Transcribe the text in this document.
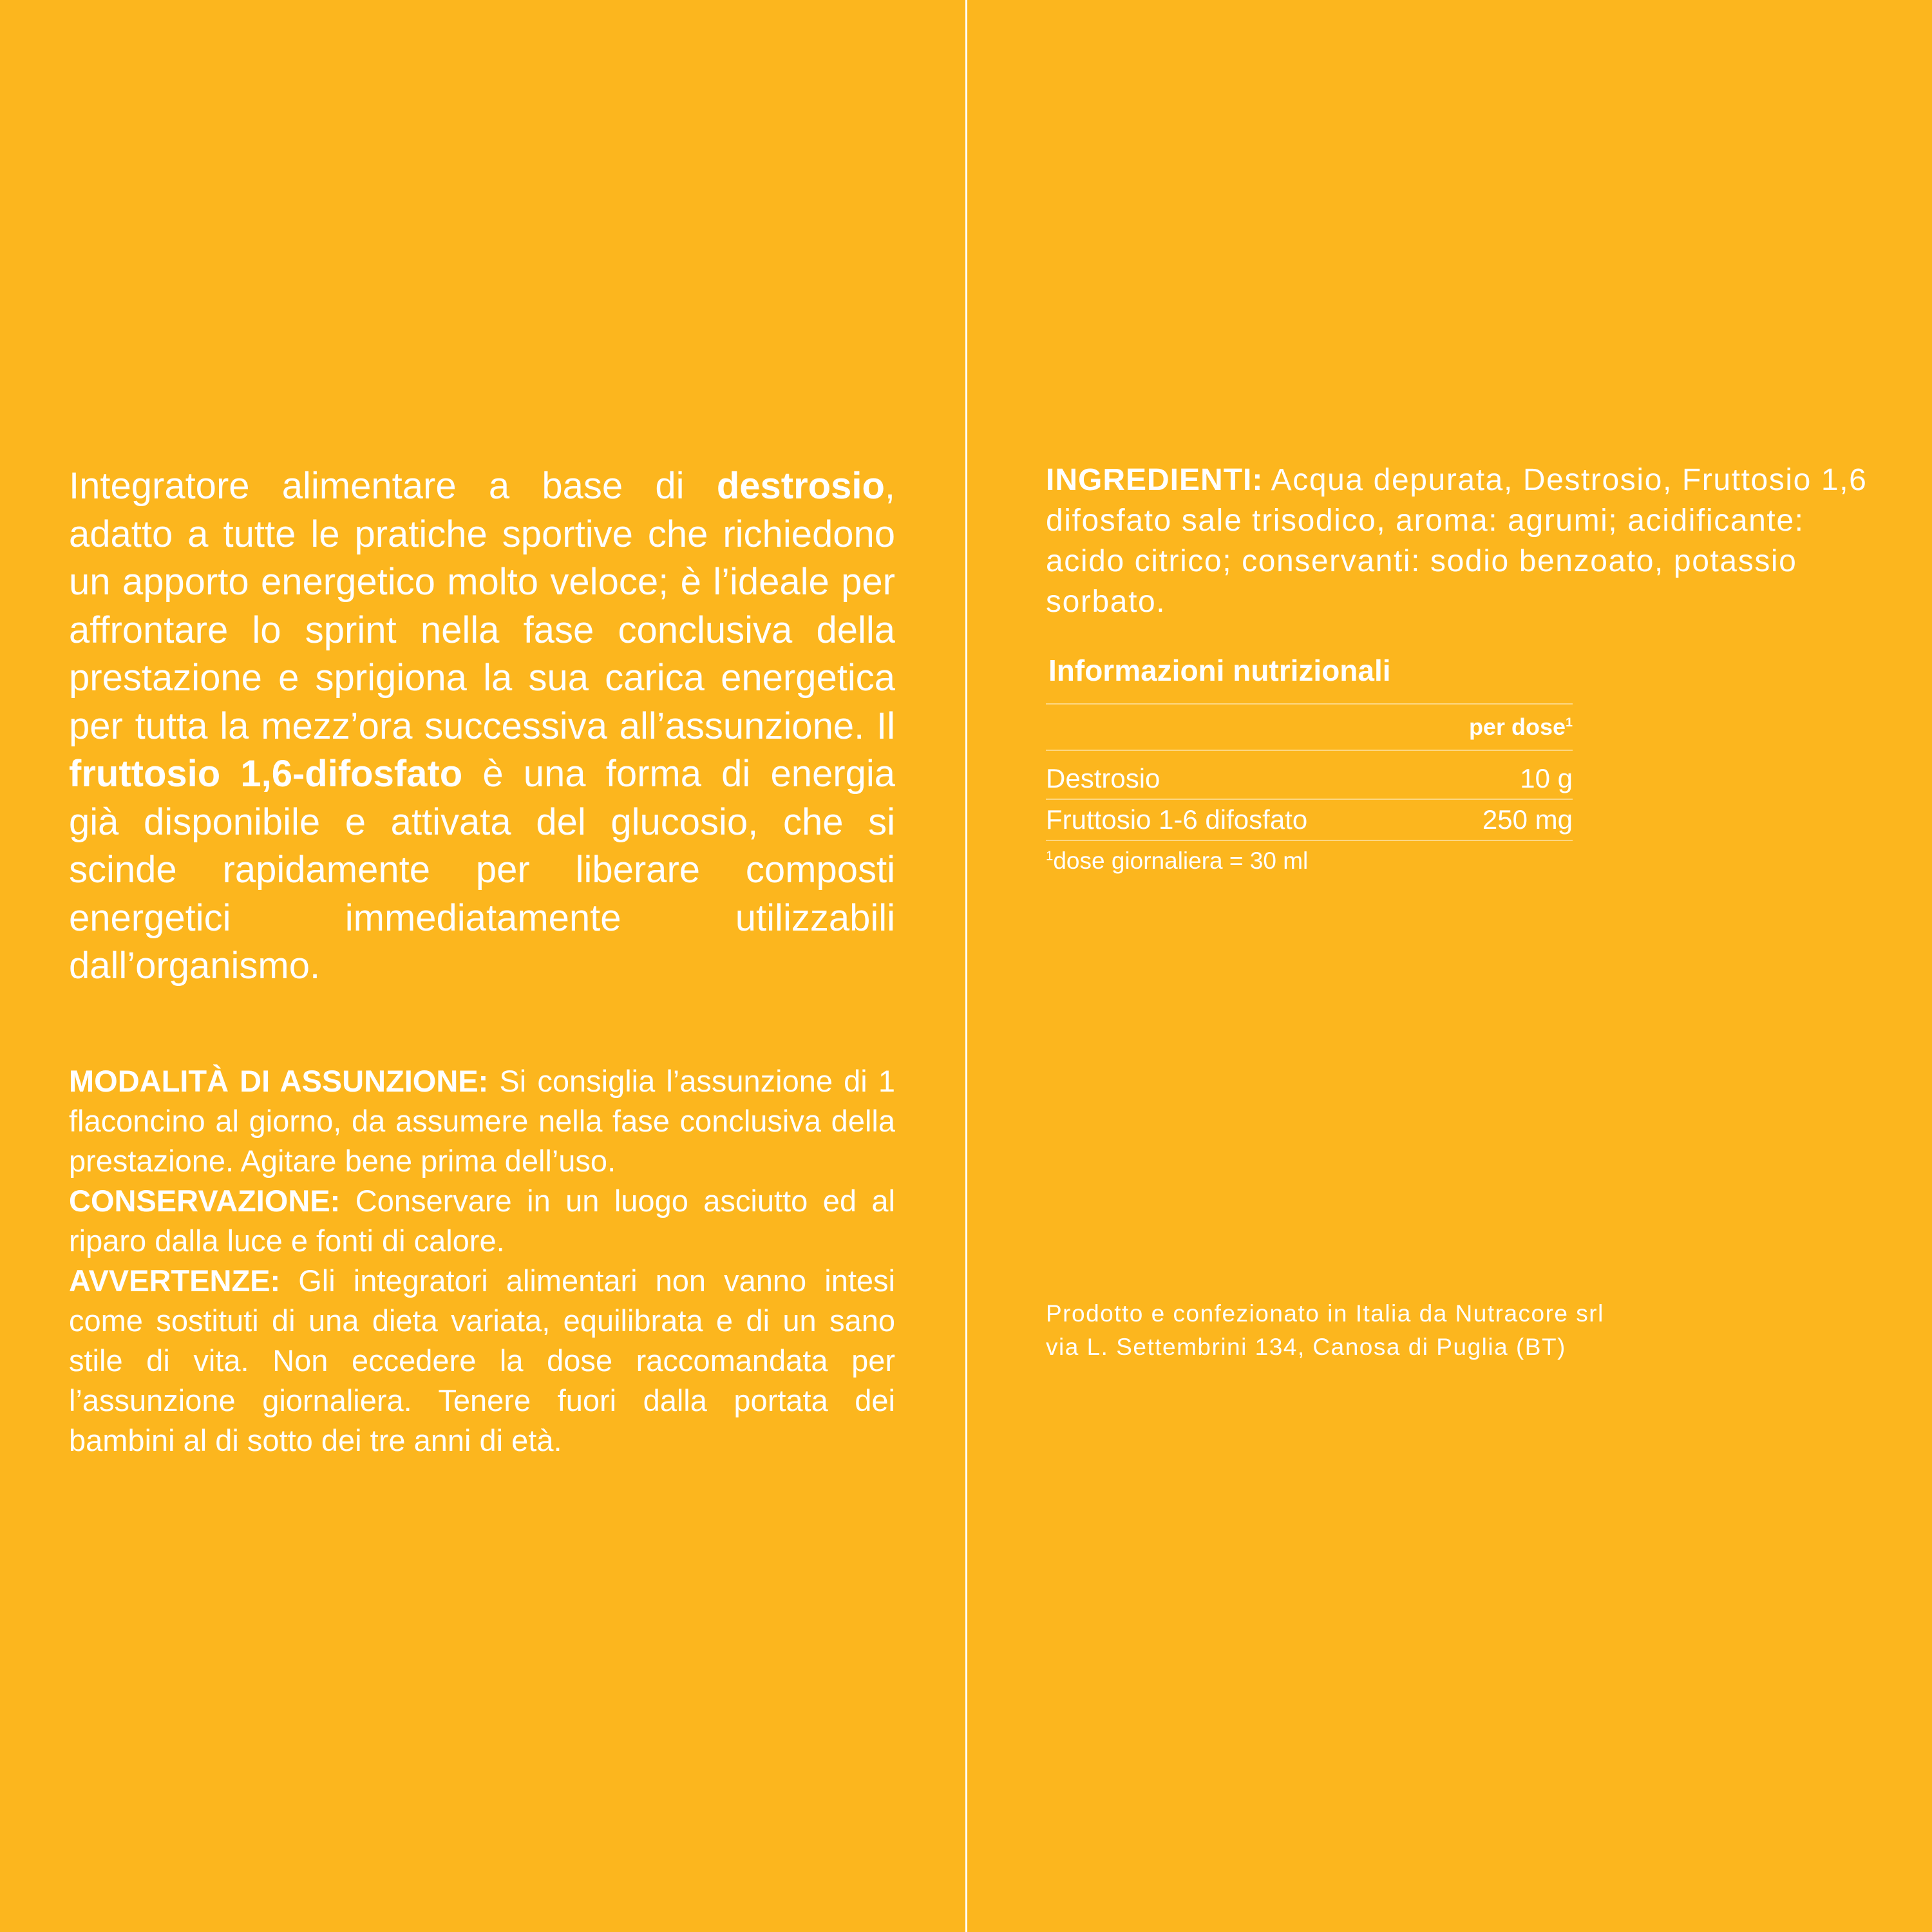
Integratore alimentare a base di destrosio, adatto a tutte le pratiche sportive che richiedono un apporto energetico molto veloce; è l’ideale per affrontare lo sprint nella fase conclusiva della prestazione e sprigiona la sua carica energetica per tutta la mezz’ora successiva all’assunzione. Il fruttosio 1,6-difosfato è una forma di energia già disponibile e attivata del glucosio, che si scinde rapidamente per liberare composti energetici immediatamente utilizzabili dall’organismo.

MODALITÀ DI ASSUNZIONE: Si consiglia l’assunzione di 1 flaconcino al giorno, da assumere nella fase conclusiva della prestazione. Agitare bene prima dell’uso.

CONSERVAZIONE: Conservare in un luogo asciutto ed al riparo dalla luce e fonti di calore.

AVVERTENZE: Gli integratori alimentari non vanno intesi come sostituti di una dieta variata, equilibrata e di un sano stile di vita. Non eccedere la dose raccomandata per l’assunzione giornaliera. Tenere fuori dalla portata dei bambini al di sotto dei tre anni di età.

INGREDIENTI: Acqua depurata, Destrosio, Fruttosio 1,6 difosfato sale trisodico, aroma: agrumi; acidificante: acido citrico; conservanti: sodio benzoato, potassio sorbato.

Informazioni nutrizionali
	per dose$^1$
Destrosio	10 g
Fruttosio 1-6 difosfato	250 mg
$^1$dose giornaliera = 30 ml

Prodotto e confezionato in Italia da Nutracore srl
via L. Settembrini 134, Canosa di Puglia (BT)
